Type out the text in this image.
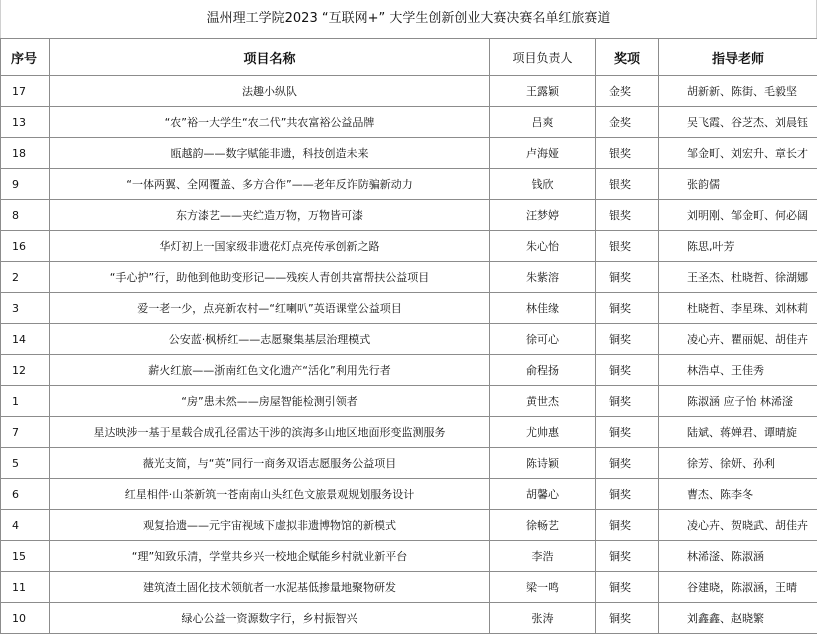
温州理工学院2023 “互联网+” 大学生创新创业大赛决赛名单红旅赛道
序号	项目名称	项目负责人	奖项	指导老师
17	法趣小纵队	王露颖	金奖	胡新新、陈街、毛毅坚
13	“农”裕一大学生“农二代”共农富裕公益品牌	吕爽	金奖	吴飞霞、谷芝杰、刘晨钰
18	瓯越韵——数字赋能非遗，科技创造未来	卢海娅	银奖	邹金町、刘宏升、章长才
9	“一体两翼、全网覆盖、多方合作”——老年反诈防骗新动力	钱欣	银奖	张韵儒
8	东方漆艺——夹纻造万物，万物皆可漆	汪梦婷	银奖	刘明刚、邹金町、何必阔
16	华灯初上一国家级非遗花灯点亮传承创新之路	朱心怡	银奖	陈思,叶芳
2	“手心护”行，助他到他助变形记——残疾人青创共富帮扶公益项目	朱紫溶	铜奖	王圣杰、杜晓哲、徐湖娜
3	爱一老一少，点亮新农村—“红喇叭”英语课堂公益项目	林佳缘	铜奖	杜晓哲、李星珠、刘林莉
14	公安蓝·枫桥红——志愿聚集基层治理模式	徐可心	铜奖	凌心卉、瞿丽妮、胡佳卉
12	薪火红旅——浙南红色文化遗产“活化”利用先行者	俞程扬	铜奖	林浩卓、王佳秀
1	“房”患未然——房屋智能检测引领者	黄世杰	铜奖	陈淑涵 应子怡 林浠滏
7	星达映涉一基于星载合成孔径雷达干涉的滨海多山地区地面形变监测服务	尤帅惠	铜奖	陆斌、蒋婵君、谭晴旋
5	薇光支简，与“英”同行一商务双语志愿服务公益项目	陈诗颖	铜奖	徐芳、徐妍、孙利
6	红星相伴·山茶新筑一苍南南山头红色文旅景观规划服务设计	胡馨心	铜奖	曹杰、陈李冬
4	观复拾遗——元宇宙视域下虚拟非遗博物馆的新模式	徐畅艺	铜奖	凌心卉、贺晓武、胡佳卉
15	“理”知致乐清，学堂共乡兴一校地企赋能乡村就业新平台	李浩	铜奖	林浠滏、陈淑涵
11	建筑渣土固化技术领航者一水泥基低掺量地聚物研发	梁一鸣	铜奖	谷建晓，陈淑涵，王晴
10	绿心公益一资源数字行，乡村振智兴	张涛	铜奖	刘鑫鑫、赵晓繁
